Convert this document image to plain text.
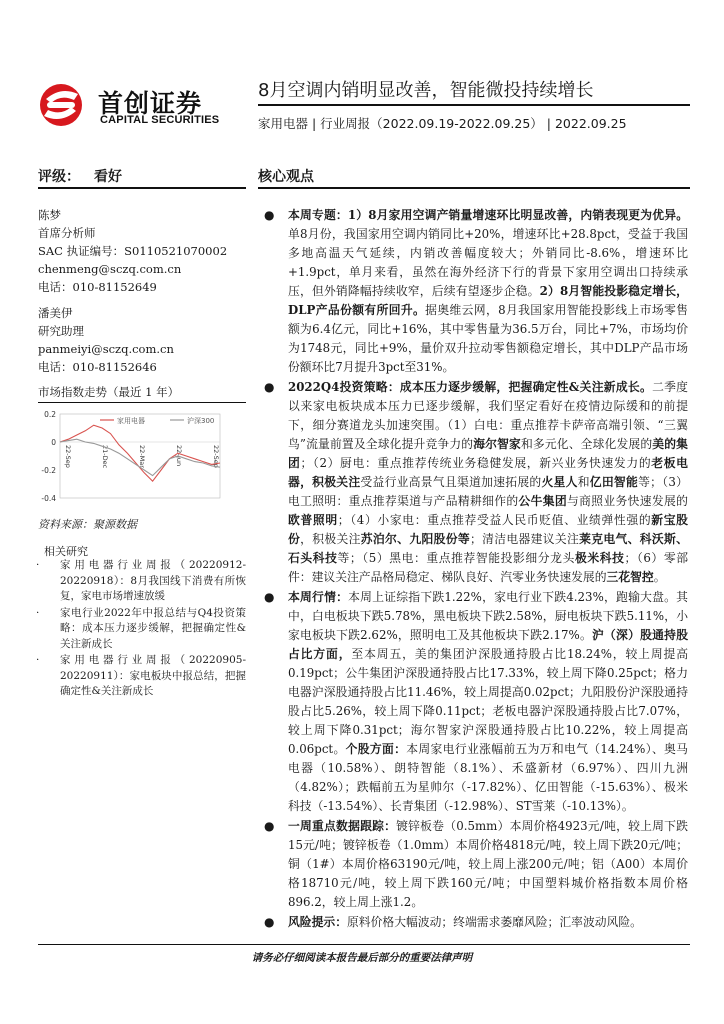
首创证券
CAPITAL SECURITIES
8月空调内销明显改善，智能微投持续增长
家用电器 | 行业周报（2022.09.19-2022.09.25） | 2022.09.25
评级： 看好
陈梦
首席分析师
SAC 执证编号：S0110521070002
chenmeng@sczq.com.cn
电话：010-81152649
潘美伊
研究助理
panmeiyi@sczq.com.cn
电话：010-81152646
市场指数走势（最近 1 年）
0.2
0
-0.2
-0.4
22-Sep	21-Dec	22-Mar	22-Jun	22-Sep
家用电器	沪深300
资料来源：聚源数据
相关研究
· 家用电器行业周报（20220912-20220918）：8月我国线下消费有所恢复，家电市场增速放缓
· 家电行业2022年中报总结与Q4投资策略：成本压力逐步缓解，把握确定性&关注新成长
· 家用电器行业周报（20220905-20220911）：家电板块中报总结，把握确定性&关注新成长
核心观点
● 本周专题：1）8月家用空调产销量增速环比明显改善，内销表现更为优异。单8月份，我国家用空调内销同比+20%，增速环比+28.8pct，受益于我国多地高温天气延续，内销改善幅度较大；外销同比-8.6%，增速环比+1.9pct，单月来看，虽然在海外经济下行的背景下家用空调出口持续承压，但外销降幅持续收窄，后续有望逐步企稳。2）8月智能投影稳定增长，DLP产品份额有所回升。据奥维云网，8月我国家用智能投影线上市场零售额为6.4亿元，同比+16%，其中零售量为36.5万台，同比+7%，市场均价为1748元，同比+9%，量价双升拉动零售额稳定增长，其中DLP产品市场份额环比7月提升3pct至31%。
● 2022Q4投资策略：成本压力逐步缓解，把握确定性&关注新成长。二季度以来家电板块成本压力已逐步缓解，我们坚定看好在疫情边际缓和的前提下，细分赛道龙头加速突围。（1）白电：重点推荐卡萨帝高端引领、“三翼鸟”流量前置及全球化提升竞争力的海尔智家和多元化、全球化发展的美的集团；（2）厨电：重点推荐传统业务稳健发展，新兴业务快速发力的老板电器，积极关注受益行业高景气且渠道加速拓展的火星人和亿田智能等；（3）电工照明：重点推荐渠道与产品精耕细作的公牛集团与商照业务快速发展的欧普照明；（4）小家电：重点推荐受益人民币贬值、业绩弹性强的新宝股份，积极关注苏泊尔、九阳股份等；清洁电器建议关注莱克电气、科沃斯、石头科技等；（5）黑电：重点推荐智能投影细分龙头极米科技；（6）零部件：建议关注产品格局稳定、梯队良好、汽零业务快速发展的三花智控。
● 本周行情：本周上证综指下跌1.22%，家电行业下跌4.23%，跑输大盘。其中，白电板块下跌5.78%，黑电板块下跌2.58%，厨电板块下跌5.11%，小家电板块下跌2.62%，照明电工及其他板块下跌2.17%。沪（深）股通持股占比方面，至本周五，美的集团沪深股通持股占比18.24%，较上周提高0.19pct；公牛集团沪深股通持股占比17.33%，较上周下降0.25pct；格力电器沪深股通持股占比11.46%，较上周提高0.02pct；九阳股份沪深股通持股占比5.26%，较上周下降0.11pct；老板电器沪深股通持股占比7.07%，较上周下降0.31pct；海尔智家沪深股通持股占比10.22%，较上周提高0.06pct。个股方面：本周家电行业涨幅前五为万和电气（14.24%）、奥马电器（10.58%）、朗特智能（8.1%）、禾盛新材（6.97%）、四川九洲（4.82%）；跌幅前五为星帅尔（-17.82%）、亿田智能（-15.63%）、极米科技（-13.54%）、长青集团（-12.98%）、ST雪莱（-10.13%）。
● 一周重点数据跟踪：镀锌板卷（0.5mm）本周价格4923元/吨，较上周下跌15元/吨；镀锌板卷（1.0mm）本周价格4818元/吨，较上周下跌20元/吨；铜（1#）本周价格63190元/吨，较上周上涨200元/吨；铝（A00）本周价格18710元/吨，较上周下跌160元/吨；中国塑料城价格指数本周价格896.2，较上周上涨1.2。
● 风险提示：原料价格大幅波动；终端需求萎靡风险；汇率波动风险。
请务必仔细阅读本报告最后部分的重要法律声明
